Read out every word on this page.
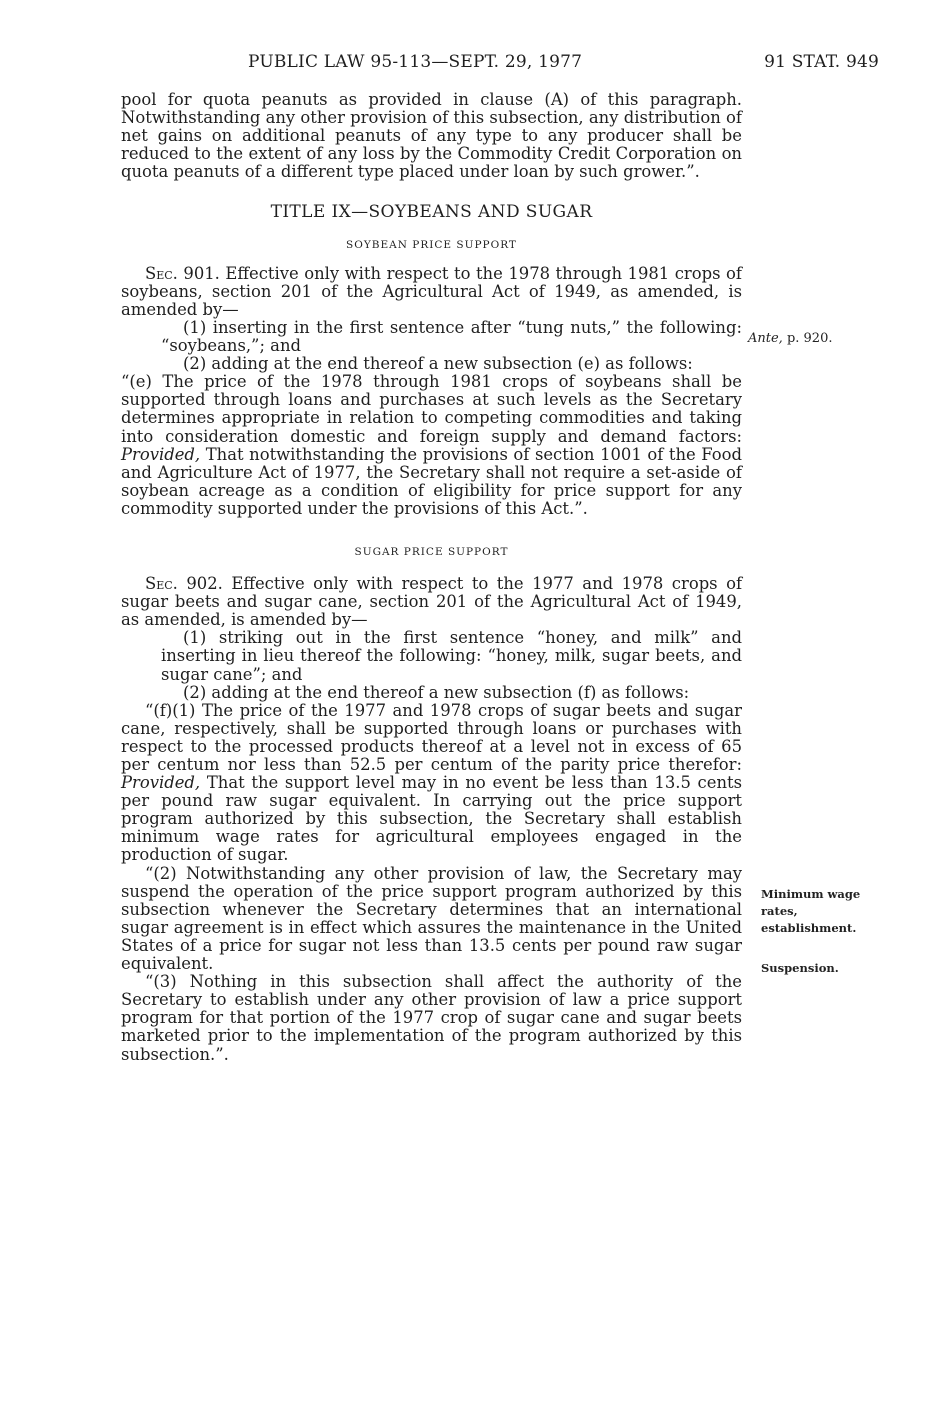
PUBLIC LAW 95-113—SEPT. 29, 1977	91 STAT. 949

pool for quota peanuts as provided in clause (A) of this paragraph. Notwithstanding any other provision of this subsection, any distribution of net gains on additional peanuts of any type to any producer shall be reduced to the extent of any loss by the Commodity Credit Corporation on quota peanuts of a different type placed under loan by such grower.”.

TITLE IX—SOYBEANS AND SUGAR
SOYBEAN PRICE SUPPORT

Sec. 901. Effective only with respect to the 1978 through 1981 crops of soybeans, section 201 of the Agricultural Act of 1949, as amended, is amended by—

(1) inserting in the first sentence after “tung nuts,” the following: “soybeans,”; and

(2) adding at the end thereof a new subsection (e) as follows:

“(e) The price of the 1978 through 1981 crops of soybeans shall be supported through loans and purchases at such levels as the Secretary determines appropriate in relation to competing commodities and taking into consideration domestic and foreign supply and demand factors: Provided, That notwithstanding the provisions of section 1001 of the Food and Agriculture Act of 1977, the Secretary shall not require a set-aside of soybean acreage as a condition of eligibility for price support for any commodity supported under the provisions of this Act.”.

SUGAR PRICE SUPPORT

Sec. 902. Effective only with respect to the 1977 and 1978 crops of sugar beets and sugar cane, section 201 of the Agricultural Act of 1949, as amended, is amended by—

(1) striking out in the first sentence “honey, and milk” and inserting in lieu thereof the following: “honey, milk, sugar beets, and sugar cane”; and

(2) adding at the end thereof a new subsection (f) as follows:

“(f)(1) The price of the 1977 and 1978 crops of sugar beets and sugar cane, respectively, shall be supported through loans or purchases with respect to the processed products thereof at a level not in excess of 65 per centum nor less than 52.5 per centum of the parity price therefor: Provided, That the support level may in no event be less than 13.5 cents per pound raw sugar equivalent. In carrying out the price support program authorized by this subsection, the Secretary shall establish minimum wage rates for agricultural employees engaged in the production of sugar.

“(2) Notwithstanding any other provision of law, the Secretary may suspend the operation of the price support program authorized by this subsection whenever the Secretary determines that an international sugar agreement is in effect which assures the maintenance in the United States of a price for sugar not less than 13.5 cents per pound raw sugar equivalent.

“(3) Nothing in this subsection shall affect the authority of the Secretary to establish under any other provision of law a price support program for that portion of the 1977 crop of sugar cane and sugar beets marketed prior to the implementation of the program authorized by this subsection.”.

Ante, p. 920.
Minimum wage rates, establishment.
Suspension.
